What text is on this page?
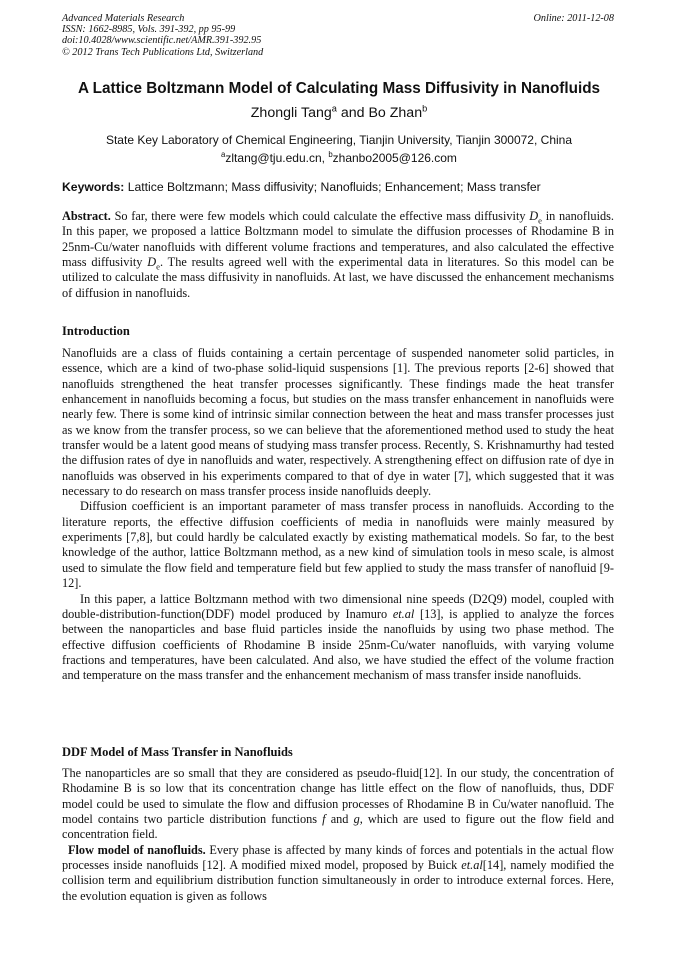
Advanced Materials Research
ISSN: 1662-8985, Vols. 391-392, pp 95-99
doi:10.4028/www.scientific.net/AMR.391-392.95
© 2012 Trans Tech Publications Ltd, Switzerland
Online: 2011-12-08
A Lattice Boltzmann Model of Calculating Mass Diffusivity in Nanofluids
Zhongli Tang$^a$ and Bo Zhan$^b$
State Key Laboratory of Chemical Engineering, Tianjin University, Tianjin 300072, China
$^a$zltang@tju.edu.cn, $^b$zhanbo2005@126.com
Keywords: Lattice Boltzmann; Mass diffusivity; Nanofluids; Enhancement; Mass transfer

Abstract. So far, there were few models which could calculate the effective mass diffusivity $D_e$ in nanofluids. In this paper, we proposed a lattice Boltzmann model to simulate the diffusion processes of Rhodamine B in 25nm-Cu/water nanofluids with different volume fractions and temperatures, and also calculated the effective mass diffusivity $D_e$. The results agreed well with the experimental data in literatures. So this model can be utilized to calculate the mass diffusivity in nanofluids. At last, we have discussed the enhancement mechanisms of diffusion in nanofluids.

Introduction

Nanofluids are a class of fluids containing a certain percentage of suspended nanometer solid particles, in essence, which are a kind of two-phase solid-liquid suspensions [1]. The previous reports [2-6] showed that nanofluids strengthened the heat transfer processes significantly. These findings made the heat transfer enhancement in nanofluids becoming a focus, but studies on the mass transfer enhancement in nanofluids were nearly few. There is some kind of intrinsic similar connection between the heat and mass transfer processes just as we know from the transfer process, so we can believe that the aforementioned method used to study the heat transfer would be a latent good means of studying mass transfer process. Recently, S. Krishnamurthy had tested the diffusion rates of dye in nanofluids and water, respectively. A strengthening effect on diffusion rate of dye in nanofluids was observed in his experiments compared to that of dye in water [7], which suggested that it was necessary to do research on mass transfer process inside nanofluids deeply.

Diffusion coefficient is an important parameter of mass transfer process in nanofluids. According to the literature reports, the effective diffusion coefficients of media in nanofluids were mainly measured by experiments [7,8], but could hardly be calculated exactly by existing mathematical models. So far, to the best knowledge of the author, lattice Boltzmann method, as a new kind of simulation tools in meso scale, is almost used to simulate the flow field and temperature field but few applied to study the mass transfer of nanofluid [9-12].

In this paper, a lattice Boltzmann method with two dimensional nine speeds (D2Q9) model, coupled with double-distribution-function(DDF) model produced by Inamuro et.al [13], is applied to analyze the forces between the nanoparticles and base fluid particles inside the nanofluids by using two phase method. The effective diffusion coefficients of Rhodamine B inside 25nm-Cu/water nanofluids, with varying volume fractions and temperatures, have been calculated. And also, we have studied the effect of the volume fraction and temperature on the mass transfer and the enhancement mechanism of mass transfer inside nanofluids.

DDF Model of Mass Transfer in Nanofluids

The nanoparticles are so small that they are considered as pseudo-fluid[12]. In our study, the concentration of Rhodamine B is so low that its concentration change has little effect on the flow of nanofluids, thus, DDF model could be used to simulate the flow and diffusion processes of Rhodamine B in Cu/water nanofluid. The model contains two particle distribution functions f and g, which are used to figure out the flow field and concentration field.

Flow model of nanofluids. Every phase is affected by many kinds of forces and potentials in the actual flow processes inside nanofluids [12]. A modified mixed model, proposed by Buick et.al[14], namely modified the collision term and equilibrium distribution function simultaneously in order to introduce external forces. Here, the evolution equation is given as follows
